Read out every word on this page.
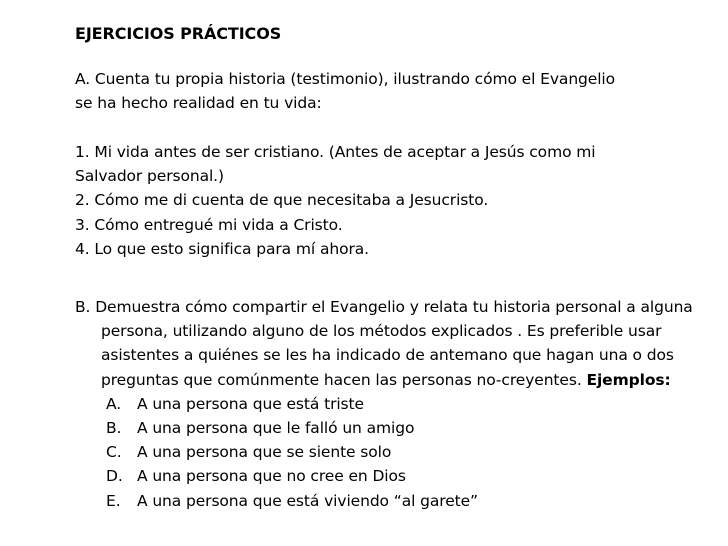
EJERCICIOS PRÁCTICOS
A. Cuenta tu propia historia (testimonio), ilustrando cómo el Evangelio
se ha hecho realidad en tu vida:
1. Mi vida antes de ser cristiano. (Antes de aceptar a Jesús como mi
Salvador personal.)
2. Cómo me di cuenta de que necesitaba a Jesucristo.
3. Cómo entregué mi vida a Cristo.
4. Lo que esto significa para mí ahora.

B. Demuestra cómo compartir el Evangelio y relata tu historia personal a alguna persona, utilizando alguno de los métodos explicados . Es preferible usar asistentes a quiénes se les ha indicado de antemano que hagan una o dos preguntas que comúnmente hacen las personas no-creyentes. Ejemplos:

A. A una persona que está triste
B. A una persona que le falló un amigo
C. A una persona que se siente solo
D. A una persona que no cree en Dios
E. A una persona que está viviendo “al garete”
